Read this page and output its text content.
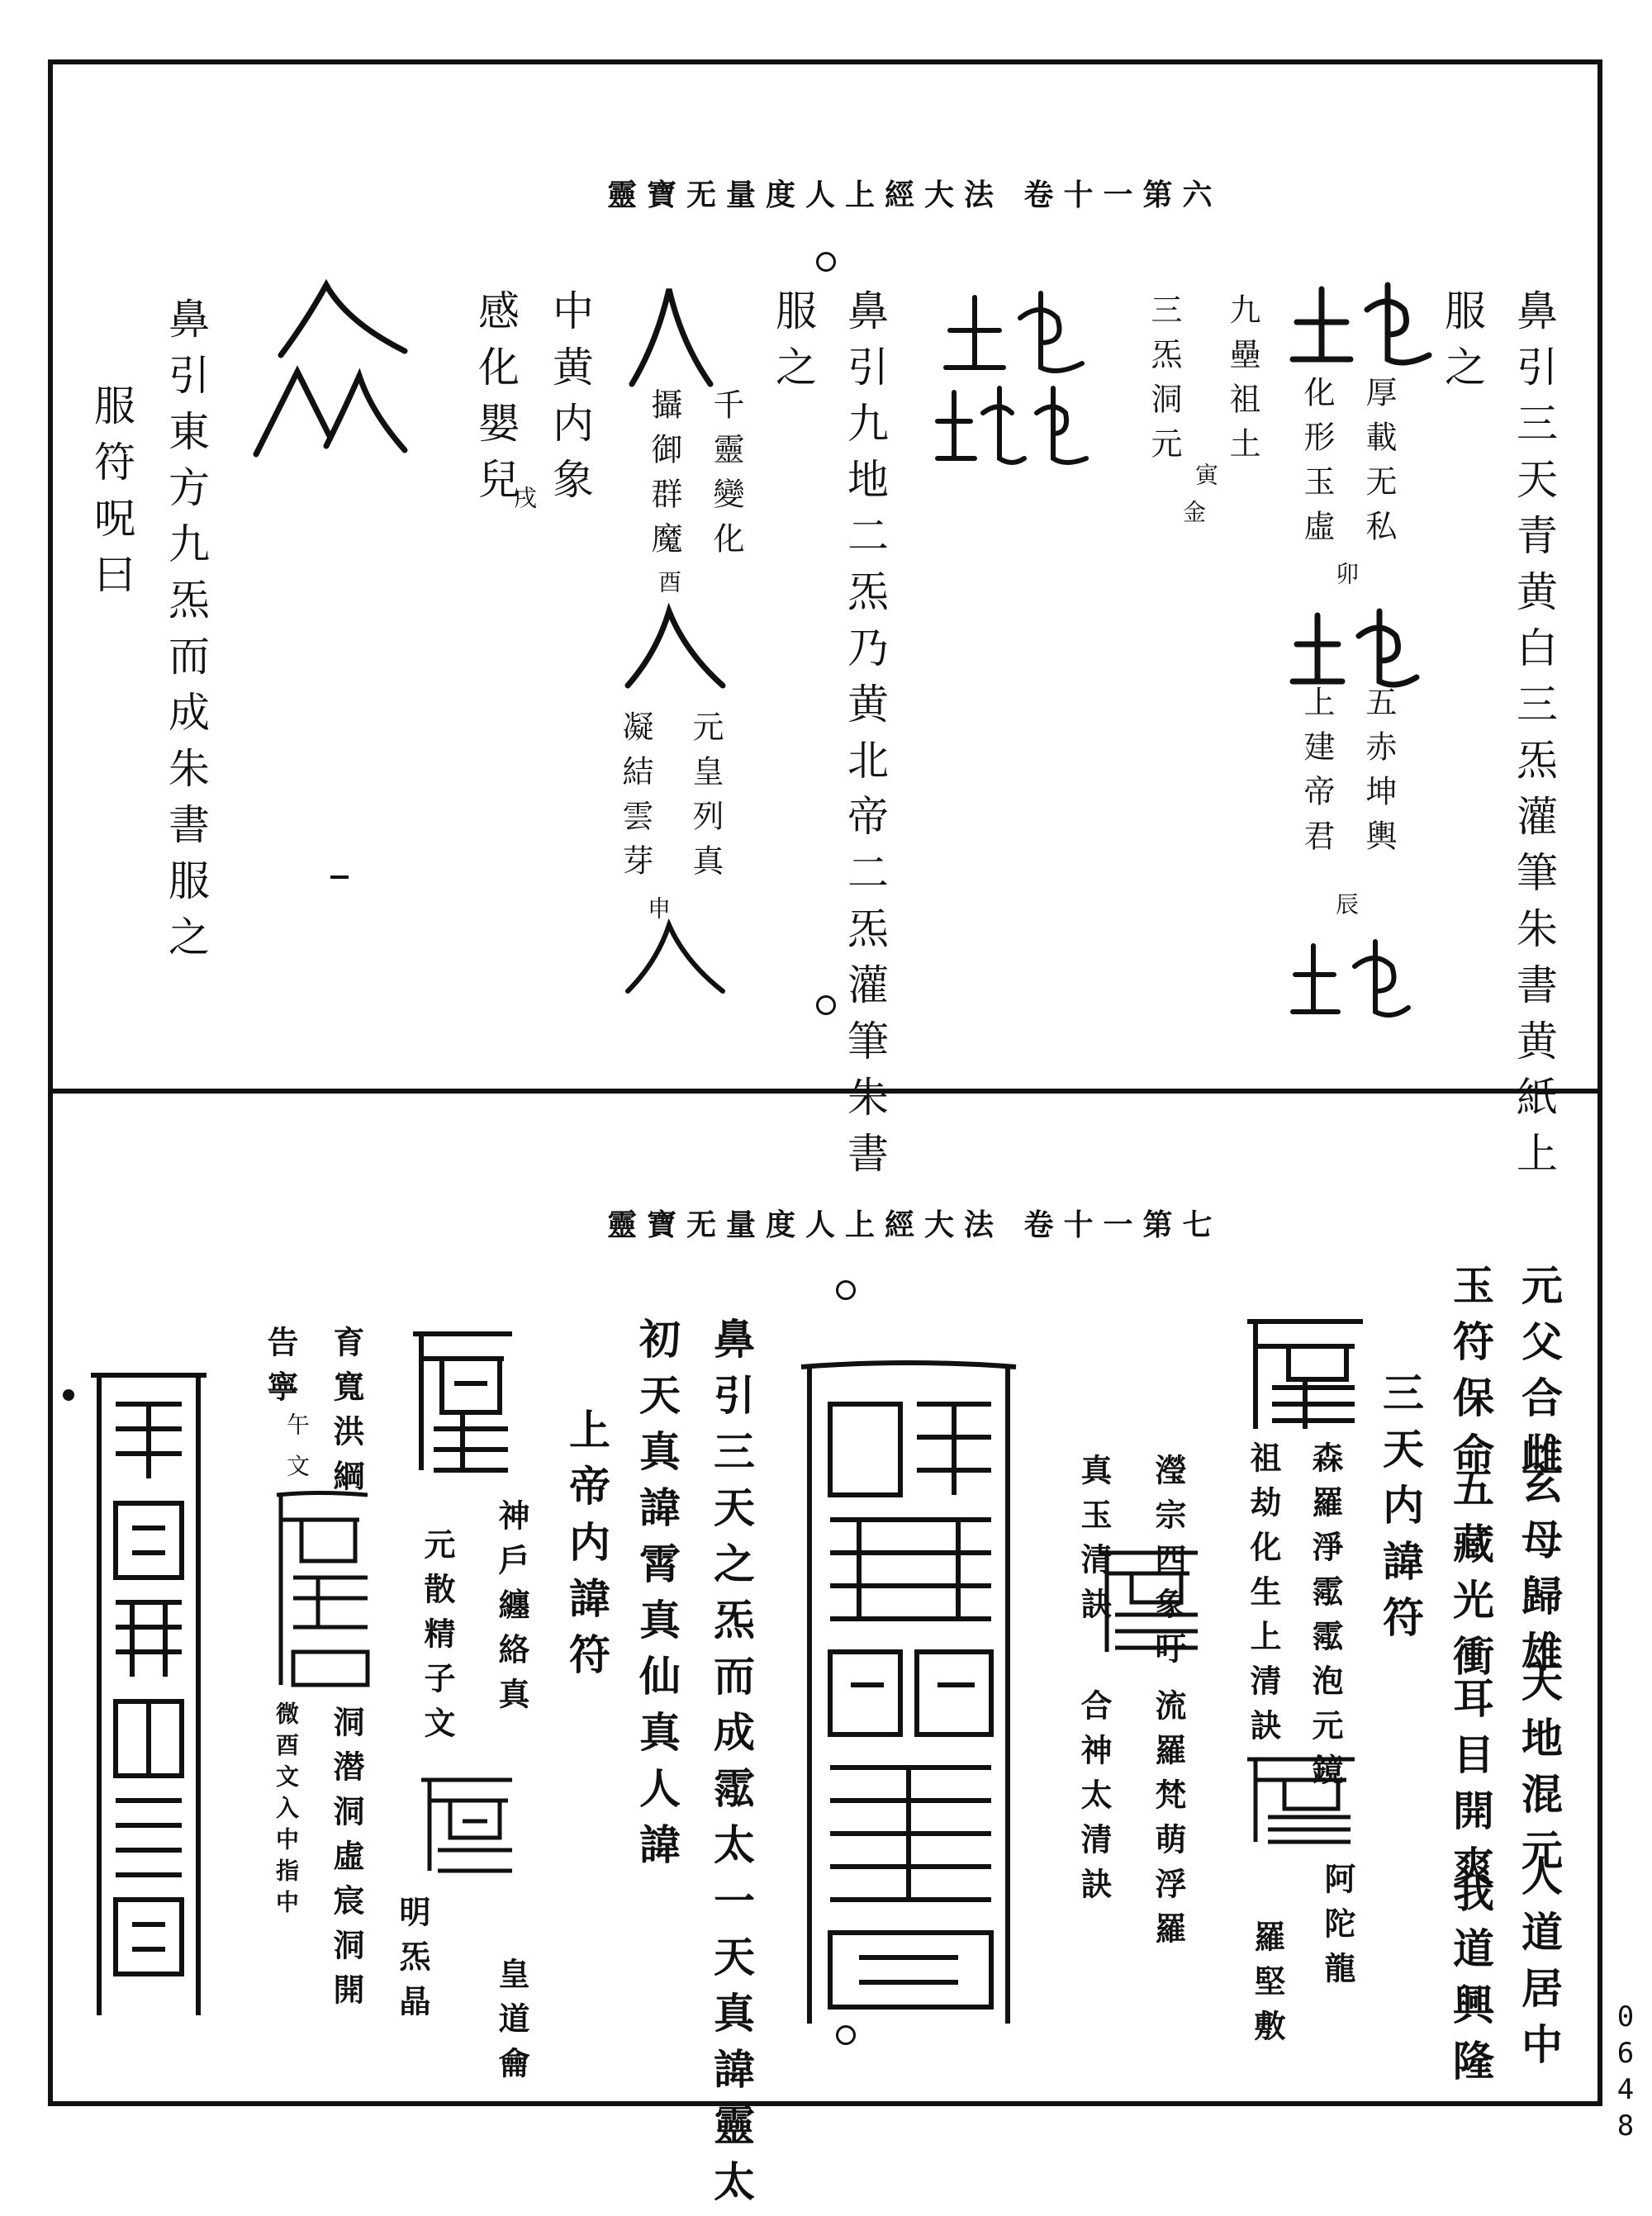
0648
靈寶无量度人上經大法 卷十一第六
鼻引三天青黄白三炁灌筆朱書黄紙上
服之
厚載无私
化形玉虛
五赤坤輿
上建帝君
九壘祖土
三炁洞元
鼻引九地二炁乃黄北帝二炁灌筆朱書
服之
千靈變化
攝御群魔
元皇列真
凝結雲芽
中黄内象
感化嬰兒
鼻引東方九炁而成朱書服之
服符呪曰	卯
辰
寅
金
酉
申
戌
靈寶无量度人上經大法 卷十一第七
元父合雌
玉符保命
玄母歸雄
五藏光衝
天地混元
耳目開爽
人道居中
我道興隆
三天内諱符
森羅淨霐霐泡元鏡
阿陀龍
祖劫化生上清訣
羅堅敷
瀅宗四象吁
流羅梵萌浮羅
真玉清訣
合神太清訣
鼻引三天之炁而成霐太一天真諱靈太
初天真諱霄真仙真人諱
上帝内諱符
神戶纏絡真
皇道龠
元散精子文
明炁晶
育寬洪綱
洞潜洞虛宸洞開
告寧
微酉文入中指中
午
文
